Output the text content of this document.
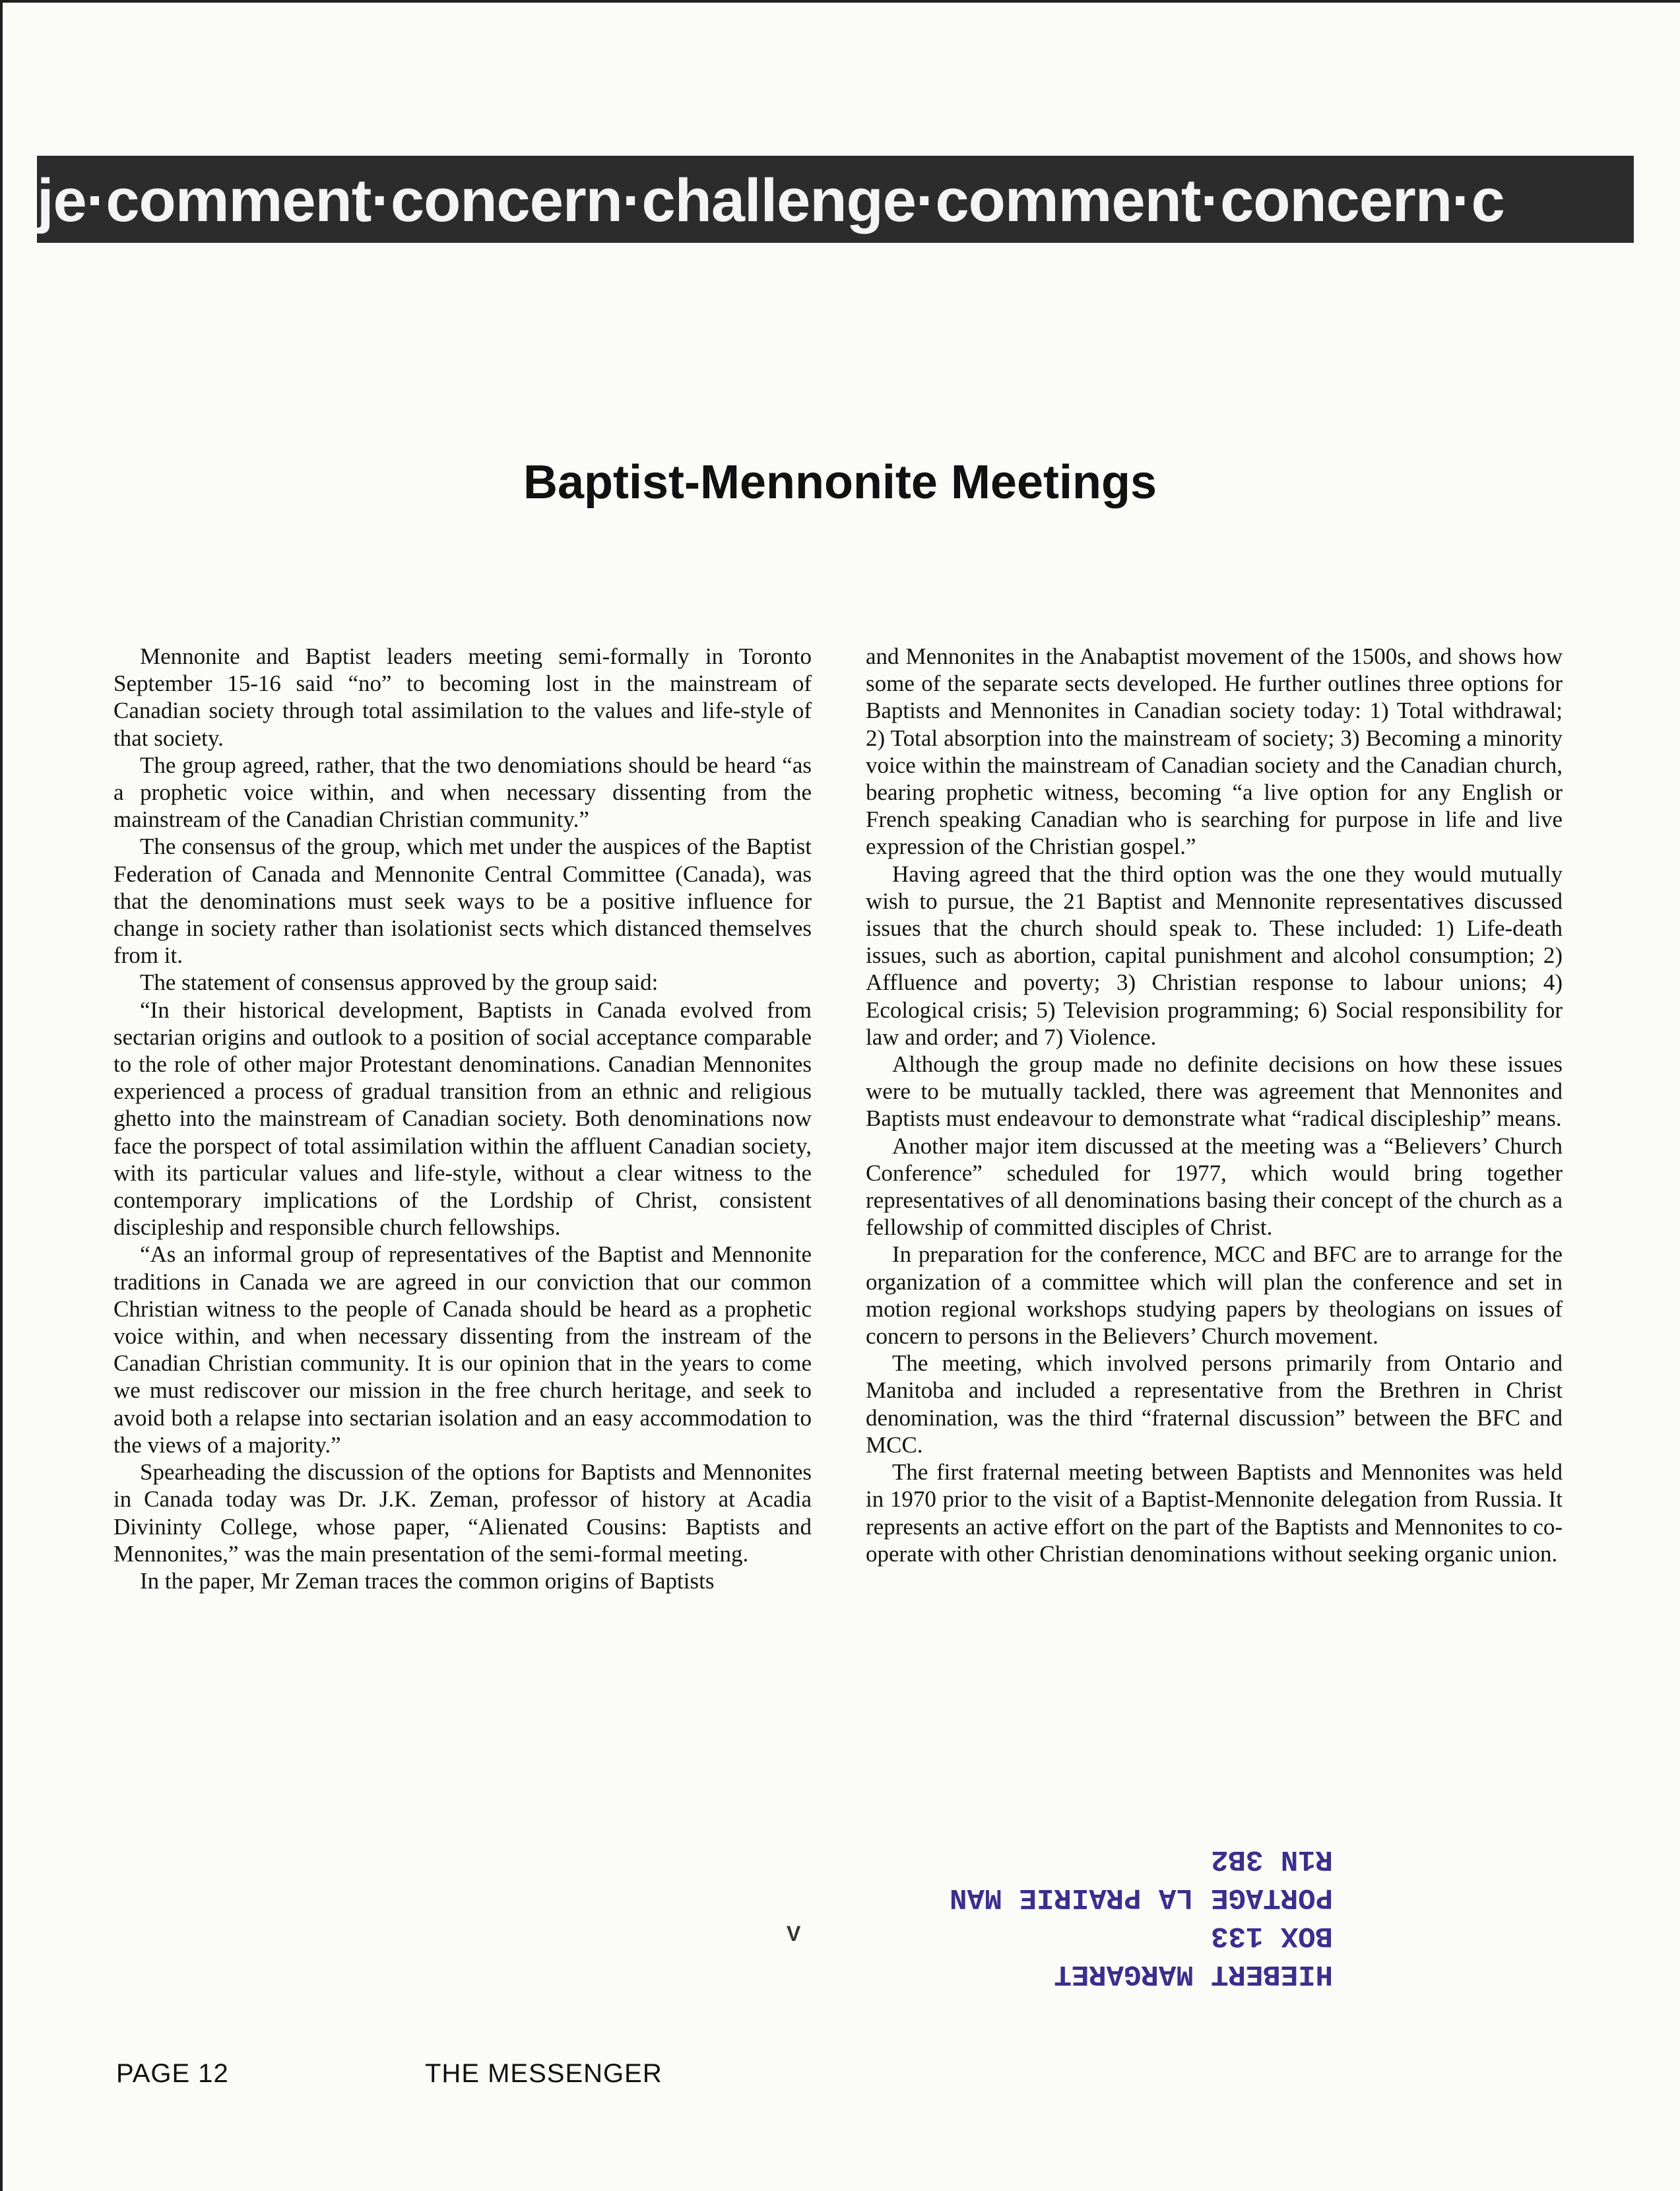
je·comment·concern·challenge·comment·concern·c
Baptist-Mennonite Meetings

Mennonite and Baptist leaders meeting semi-formally in Toronto September 15-16 said “no” to becoming lost in the mainstream of Canadian society through total assimilation to the values and life-style of that society.

The group agreed, rather, that the two denomiations should be heard “as a prophetic voice within, and when necessary dissenting from the mainstream of the Canadian Christian community.”

The consensus of the group, which met under the auspices of the Baptist Federation of Canada and Mennonite Central Committee (Canada), was that the denominations must seek ways to be a positive influence for change in society rather than isolationist sects which distanced themselves from it.

The statement of consensus approved by the group said:

“In their historical development, Baptists in Canada evolved from sectarian origins and outlook to a position of social acceptance comparable to the role of other major Protestant denominations. Canadian Mennonites experienced a process of gradual transition from an ethnic and religious ghetto into the mainstream of Canadian society. Both denominations now face the porspect of total assimilation within the affluent Canadian society, with its particular values and life-style, without a clear witness to the contemporary implications of the Lordship of Christ, consistent discipleship and responsible church fellowships.

“As an informal group of representatives of the Baptist and Mennonite traditions in Canada we are agreed in our conviction that our common Christian witness to the people of Canada should be heard as a prophetic voice within, and when necessary dissenting from the instream of the Canadian Christian community. It is our opinion that in the years to come we must rediscover our mission in the free church heritage, and seek to avoid both a relapse into sectarian isolation and an easy accommodation to the views of a majority.”

Spearheading the discussion of the options for Baptists and Mennonites in Canada today was Dr. J.K. Zeman, professor of history at Acadia Divininty College, whose paper, “Alienated Cousins: Baptists and Mennonites,” was the main presentation of the semi-formal meeting.

In the paper, Mr Zeman traces the common origins of Baptists

and Mennonites in the Anabaptist movement of the 1500s, and shows how some of the separate sects developed. He further outlines three options for Baptists and Mennonites in Canadian society today: 1) Total withdrawal; 2) Total absorption into the mainstream of society; 3) Becoming a minority voice within the mainstream of Canadian society and the Canadian church, bearing prophetic witness, becoming “a live option for any English or French speaking Canadian who is searching for purpose in life and live expression of the Christian gospel.”

Having agreed that the third option was the one they would mutually wish to pursue, the 21 Baptist and Mennonite representatives discussed issues that the church should speak to. These included: 1) Life-death issues, such as abortion, capital punishment and alcohol consumption; 2) Affluence and poverty; 3) Christian response to labour unions; 4) Ecological crisis; 5) Television programming; 6) Social responsibility for law and order; and 7) Violence.

Although the group made no definite decisions on how these issues were to be mutually tackled, there was agreement that Mennonites and Baptists must endeavour to demonstrate what “radical discipleship” means.

Another major item discussed at the meeting was a “Believers’ Church Conference” scheduled for 1977, which would bring together representatives of all denominations basing their concept of the church as a fellowship of committed disciples of Christ.

In preparation for the conference, MCC and BFC are to arrange for the organization of a committee which will plan the conference and set in motion regional workshops studying papers by theologians on issues of concern to persons in the Believers’ Church movement.

The meeting, which involved persons primarily from Ontario and Manitoba and included a representative from the Brethren in Christ denomination, was the third “fraternal discussion” between the BFC and MCC.

The first fraternal meeting between Baptists and Mennonites was held in 1970 prior to the visit of a Baptist-Mennonite delegation from Russia. It represents an active effort on the part of the Baptists and Mennonites to co-operate with other Christian denominations without seeking organic union.

V
HIEBERT MARGARET
BOX 133
PORTAGE LA PRAIRIE MAN
R1N 3B2
PAGE 12	THE MESSENGER
